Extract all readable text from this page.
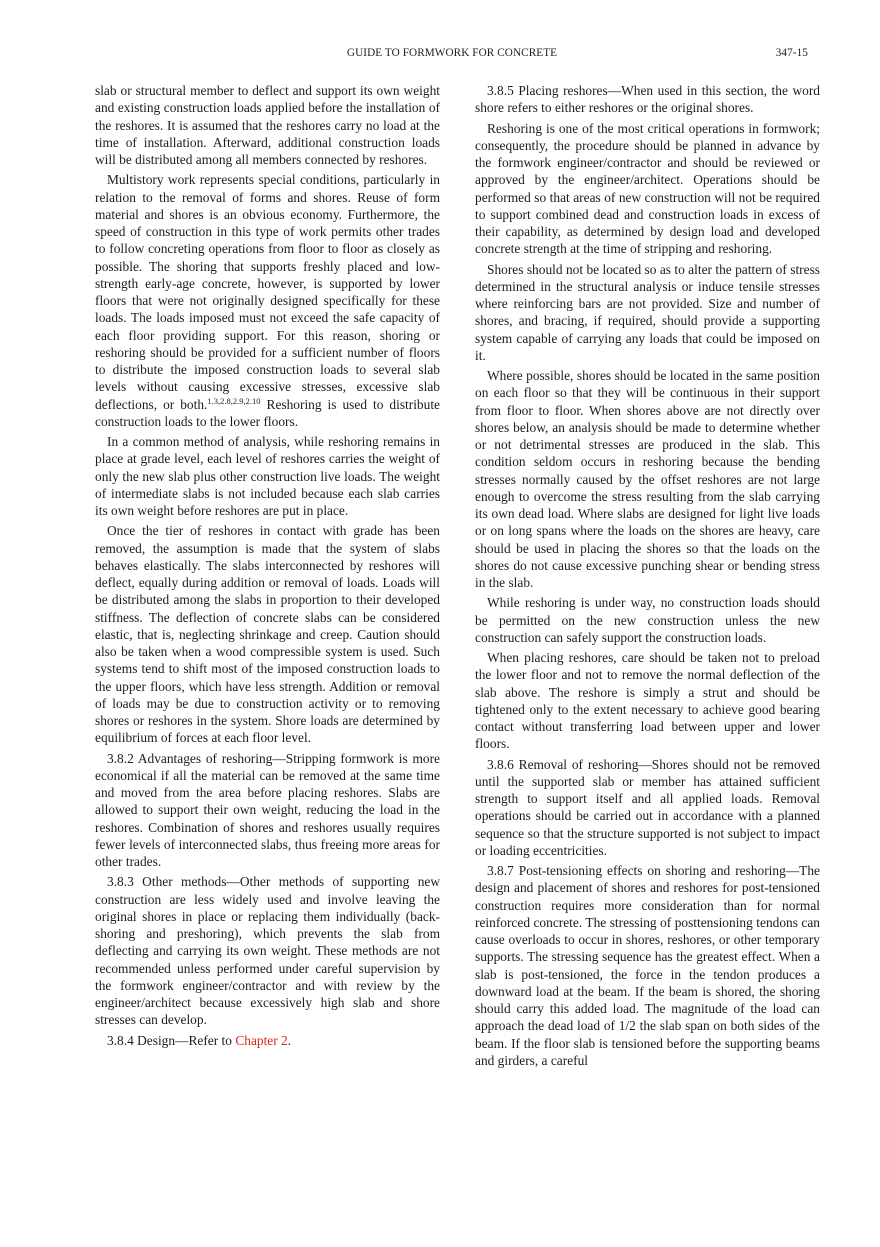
GUIDE TO FORMWORK FOR CONCRETE	347-15

slab or structural member to deflect and support its own weight and existing construction loads applied before the installation of the reshores. It is assumed that the reshores carry no load at the time of installation. Afterward, additional construction loads will be distributed among all members connected by reshores.

Multistory work represents special conditions, particularly in relation to the removal of forms and shores. Reuse of form material and shores is an obvious economy. Furthermore, the speed of construction in this type of work permits other trades to follow concreting operations from floor to floor as closely as possible. The shoring that supports freshly placed and low-strength early-age concrete, however, is supported by lower floors that were not originally designed specifically for these loads. The loads imposed must not exceed the safe capacity of each floor providing support. For this reason, shoring or reshoring should be provided for a sufficient number of floors to distribute the imposed construction loads to several slab levels without causing excessive stresses, excessive slab deflections, or both.$^{1.3,2.8,2.9,2.10}$ Reshoring is used to distribute construction loads to the lower floors.

In a common method of analysis, while reshoring remains in place at grade level, each level of reshores carries the weight of only the new slab plus other construction live loads. The weight of intermediate slabs is not included because each slab carries its own weight before reshores are put in place.

Once the tier of reshores in contact with grade has been removed, the assumption is made that the system of slabs behaves elastically. The slabs interconnected by reshores will deflect, equally during addition or removal of loads. Loads will be distributed among the slabs in proportion to their developed stiffness. The deflection of concrete slabs can be considered elastic, that is, neglecting shrinkage and creep. Caution should also be taken when a wood compressible system is used. Such systems tend to shift most of the imposed construction loads to the upper floors, which have less strength. Addition or removal of loads may be due to construction activity or to removing shores or reshores in the system. Shore loads are determined by equilibrium of forces at each floor level.

3.8.2 Advantages of reshoring—Stripping formwork is more economical if all the material can be removed at the same time and moved from the area before placing reshores. Slabs are allowed to support their own weight, reducing the load in the reshores. Combination of shores and reshores usually requires fewer levels of interconnected slabs, thus freeing more areas for other trades.

3.8.3 Other methods—Other methods of supporting new construction are less widely used and involve leaving the original shores in place or replacing them individually (backshoring and preshoring), which prevents the slab from deflecting and carrying its own weight. These methods are not recommended unless performed under careful supervision by the formwork engineer/contractor and with review by the engineer/architect because excessively high slab and shore stresses can develop.

3.8.4 Design—Refer to Chapter 2.

3.8.5 Placing reshores—When used in this section, the word shore refers to either reshores or the original shores.

Reshoring is one of the most critical operations in formwork; consequently, the procedure should be planned in advance by the formwork engineer/contractor and should be reviewed or approved by the engineer/architect. Operations should be performed so that areas of new construction will not be required to support combined dead and construction loads in excess of their capability, as determined by design load and developed concrete strength at the time of stripping and reshoring.

Shores should not be located so as to alter the pattern of stress determined in the structural analysis or induce tensile stresses where reinforcing bars are not provided. Size and number of shores, and bracing, if required, should provide a supporting system capable of carrying any loads that could be imposed on it.

Where possible, shores should be located in the same position on each floor so that they will be continuous in their support from floor to floor. When shores above are not directly over shores below, an analysis should be made to determine whether or not detrimental stresses are produced in the slab. This condition seldom occurs in reshoring because the bending stresses normally caused by the offset reshores are not large enough to overcome the stress resulting from the slab carrying its own dead load. Where slabs are designed for light live loads or on long spans where the loads on the shores are heavy, care should be used in placing the shores so that the loads on the shores do not cause excessive punching shear or bending stress in the slab.

While reshoring is under way, no construction loads should be permitted on the new construction unless the new construction can safely support the construction loads.

When placing reshores, care should be taken not to preload the lower floor and not to remove the normal deflection of the slab above. The reshore is simply a strut and should be tightened only to the extent necessary to achieve good bearing contact without transferring load between upper and lower floors.

3.8.6 Removal of reshoring—Shores should not be removed until the supported slab or member has attained sufficient strength to support itself and all applied loads. Removal operations should be carried out in accordance with a planned sequence so that the structure supported is not subject to impact or loading eccentricities.

3.8.7 Post-tensioning effects on shoring and reshoring—The design and placement of shores and reshores for post-tensioned construction requires more consideration than for normal reinforced concrete. The stressing of posttensioning tendons can cause overloads to occur in shores, reshores, or other temporary supports. The stressing sequence has the greatest effect. When a slab is post-tensioned, the force in the tendon produces a downward load at the beam. If the beam is shored, the shoring should carry this added load. The magnitude of the load can approach the dead load of 1/2 the slab span on both sides of the beam. If the floor slab is tensioned before the supporting beams and girders, a careful
